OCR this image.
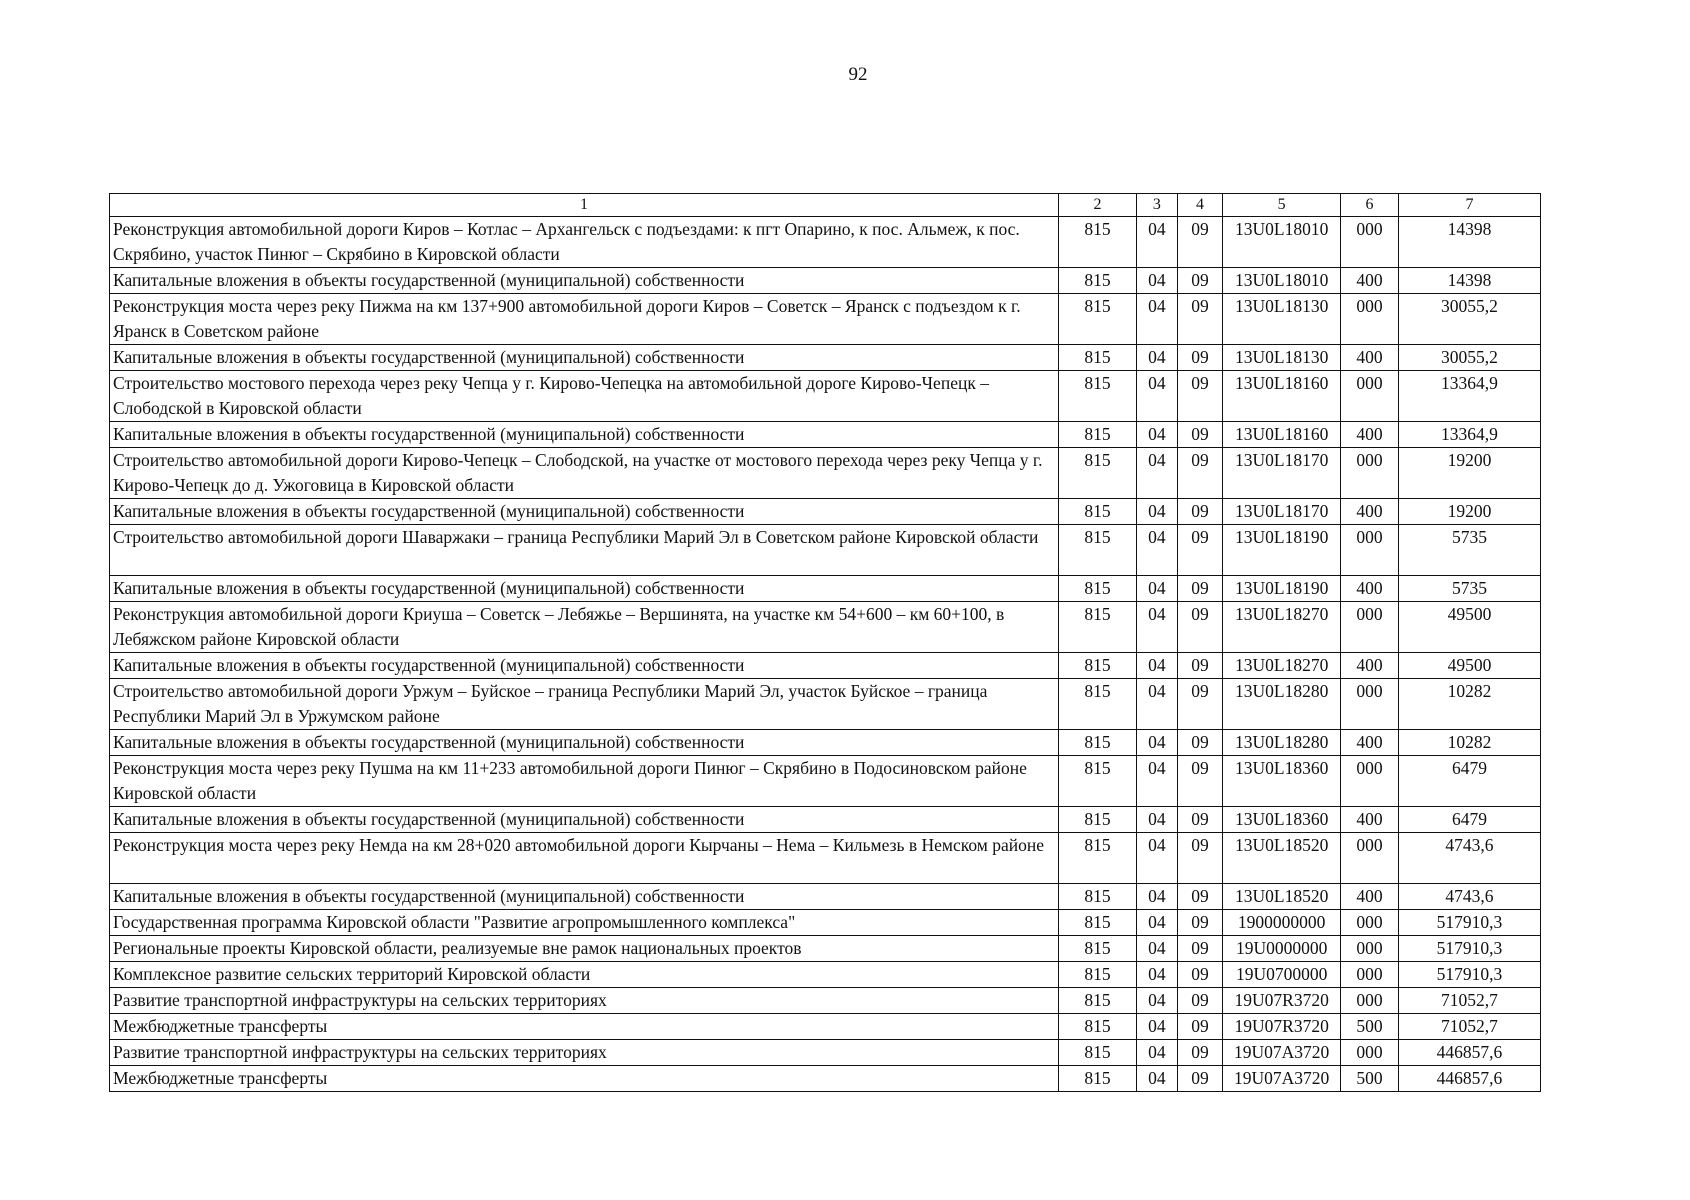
92
1	2	3	4	5	6	7
Реконструкция автомобильной дороги Киров – Котлас – Архангельск с подъездами: к пгт Опарино, к пос. Альмеж, к пос. Скрябино, участок Пинюг – Скрябино в Кировской области	815	04	09	13U0L18010	000	14398
Капитальные вложения в объекты государственной (муниципальной) собственности	815	04	09	13U0L18010	400	14398
Реконструкция моста через реку Пижма на км 137+900 автомобильной дороги Киров – Советск – Яранск с подъездом к г. Яранск в Советском районе	815	04	09	13U0L18130	000	30055,2
Капитальные вложения в объекты государственной (муниципальной) собственности	815	04	09	13U0L18130	400	30055,2
Строительство мостового перехода через реку Чепца у г. Кирово-Чепецка на автомобильной дороге Кирово-Чепецк – Слободской в Кировской области	815	04	09	13U0L18160	000	13364,9
Капитальные вложения в объекты государственной (муниципальной) собственности	815	04	09	13U0L18160	400	13364,9
Строительство автомобильной дороги Кирово-Чепецк – Слободской, на участке от мостового перехода через реку Чепца у г. Кирово-Чепецк до д. Ужоговица в Кировской области	815	04	09	13U0L18170	000	19200
Капитальные вложения в объекты государственной (муниципальной) собственности	815	04	09	13U0L18170	400	19200
Строительство автомобильной дороги Шаваржаки – граница Республики Марий Эл в Советском районе Кировской области	815	04	09	13U0L18190	000	5735
Капитальные вложения в объекты государственной (муниципальной) собственности	815	04	09	13U0L18190	400	5735
Реконструкция автомобильной дороги Криуша – Советск – Лебяжье – Вершинята, на участке км 54+600 – км 60+100, в Лебяжском районе Кировской области	815	04	09	13U0L18270	000	49500
Капитальные вложения в объекты государственной (муниципальной) собственности	815	04	09	13U0L18270	400	49500
Строительство автомобильной дороги Уржум – Буйское – граница Республики Марий Эл, участок Буйское – граница Республики Марий Эл в Уржумском районе	815	04	09	13U0L18280	000	10282
Капитальные вложения в объекты государственной (муниципальной) собственности	815	04	09	13U0L18280	400	10282
Реконструкция моста через реку Пушма на км 11+233 автомобильной дороги Пинюг – Скрябино в Подосиновском районе Кировской области	815	04	09	13U0L18360	000	6479
Капитальные вложения в объекты государственной (муниципальной) собственности	815	04	09	13U0L18360	400	6479
Реконструкция моста через реку Немда на км 28+020 автомобильной дороги Кырчаны – Нема – Кильмезь в Немском районе	815	04	09	13U0L18520	000	4743,6
Капитальные вложения в объекты государственной (муниципальной) собственности	815	04	09	13U0L18520	400	4743,6
Государственная программа Кировской области "Развитие агропромышленного комплекса"	815	04	09	1900000000	000	517910,3
Региональные проекты Кировской области, реализуемые вне рамок национальных проектов	815	04	09	19U0000000	000	517910,3
Комплексное развитие сельских территорий Кировской области	815	04	09	19U0700000	000	517910,3
Развитие транспортной инфраструктуры на сельских территориях	815	04	09	19U07R3720	000	71052,7
Межбюджетные трансферты	815	04	09	19U07R3720	500	71052,7
Развитие транспортной инфраструктуры на сельских территориях	815	04	09	19U07A3720	000	446857,6
Межбюджетные трансферты	815	04	09	19U07A3720	500	446857,6
